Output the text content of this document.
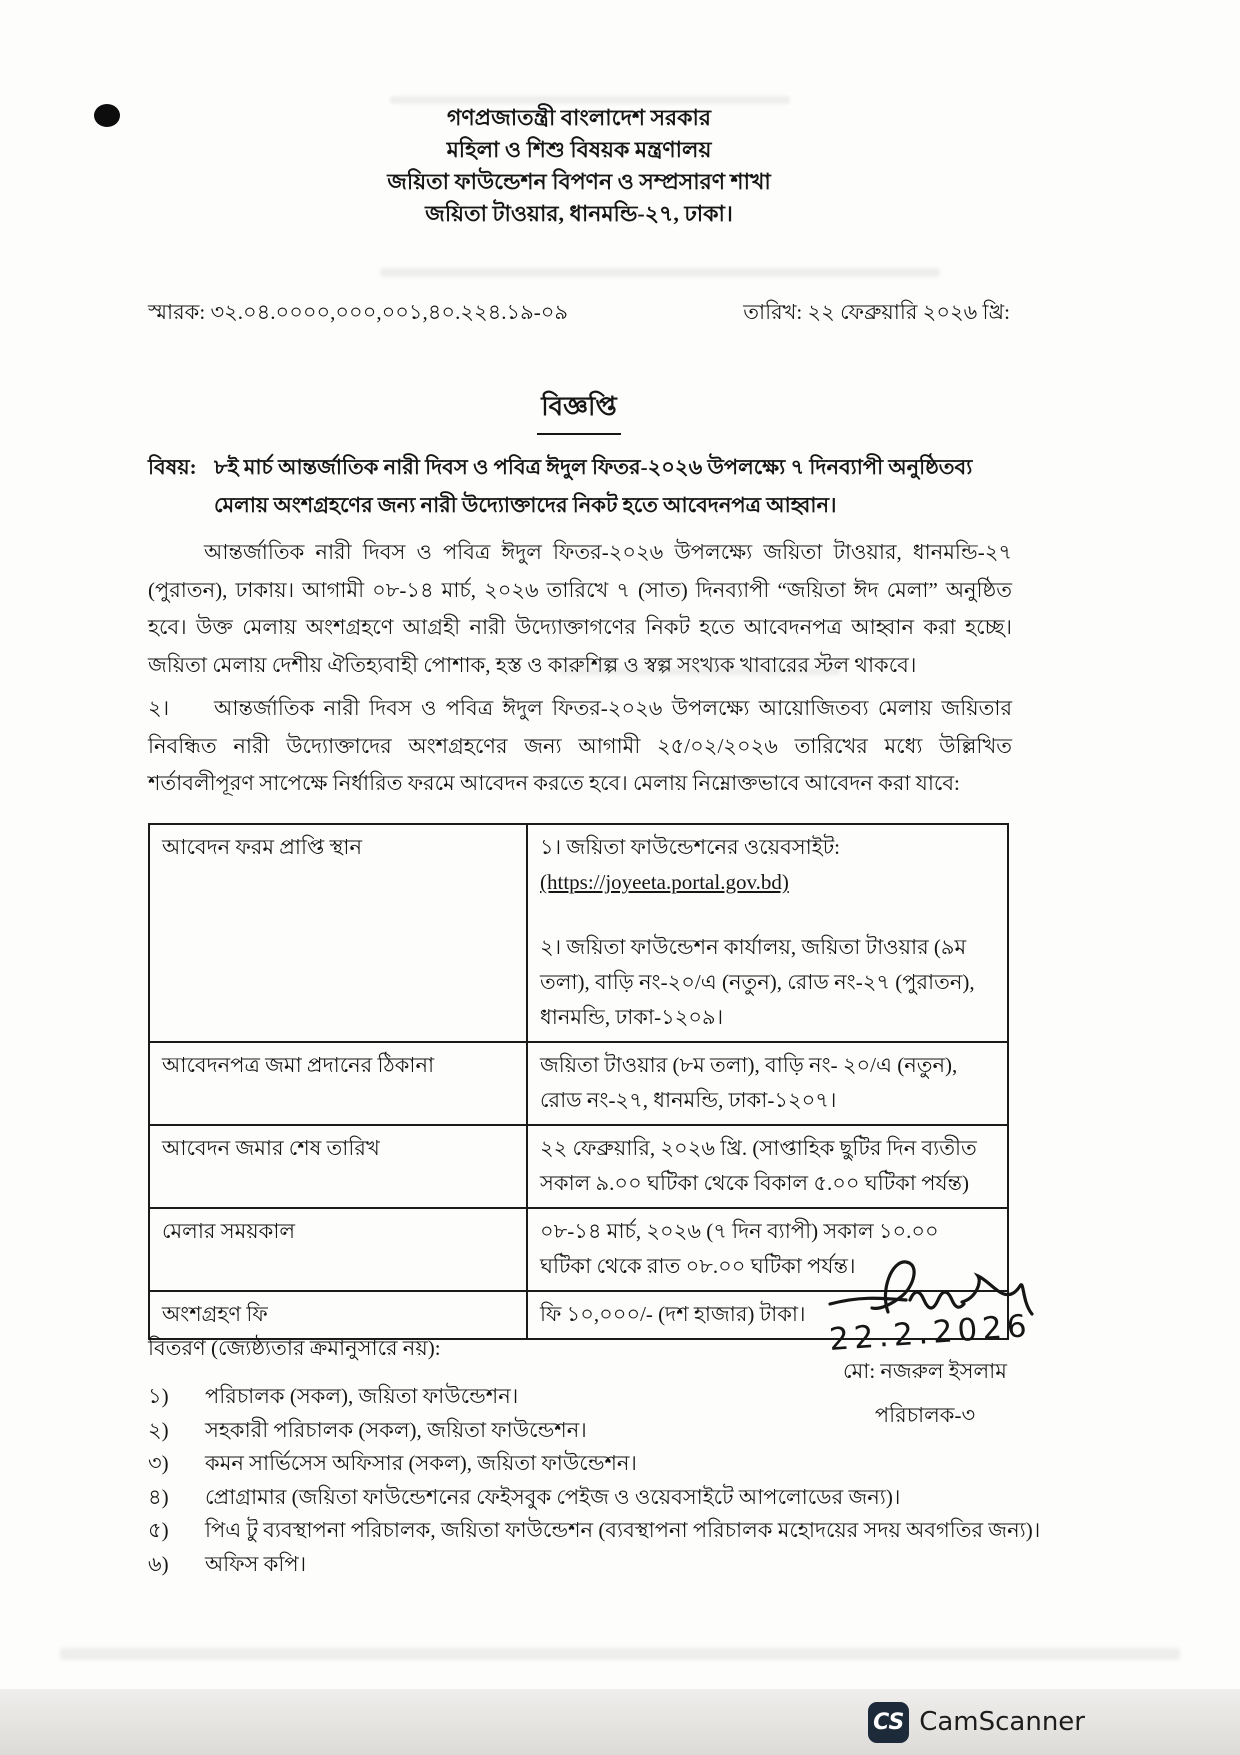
গণপ্রজাতন্ত্রী বাংলাদেশ সরকার
মহিলা ও শিশু বিষয়ক মন্ত্রণালয়
জয়িতা ফাউন্ডেশন বিপণন ও সম্প্রসারণ শাখা
জয়িতা টাওয়ার, ধানমন্ডি-২৭, ঢাকা।
স্মারক: ৩২.০৪.০০০০,০০০,০০১,৪০.২২৪.১৯-০৯	তারিখ: ২২ ফেব্রুয়ারি ২০২৬ খ্রি:
বিজ্ঞপ্তি
বিষয়: ৮ই মার্চ আন্তর্জাতিক নারী দিবস ও পবিত্র ঈদুল ফিতর-২০২৬ উপলক্ষ্যে ৭ দিনব্যাপী অনুষ্ঠিতব্য মেলায় অংশগ্রহণের জন্য নারী উদ্যোক্তাদের নিকট হতে আবেদনপত্র আহ্বান।
আন্তর্জাতিক নারী দিবস ও পবিত্র ঈদুল ফিতর-২০২৬ উপলক্ষ্যে জয়িতা টাওয়ার, ধানমন্ডি-২৭ (পুরাতন), ঢাকায়। আগামী ০৮-১৪ মার্চ, ২০২৬ তারিখে ৭ (সাত) দিনব্যাপী “জয়িতা ঈদ মেলা” অনুষ্ঠিত হবে। উক্ত মেলায় অংশগ্রহণে আগ্রহী নারী উদ্যোক্তাগণের নিকট হতে আবেদনপত্র আহ্বান করা হচ্ছে। জয়িতা মেলায় দেশীয় ঐতিহ্যবাহী পোশাক, হস্ত ও কারুশিল্প ও স্বল্প সংখ্যক খাবারের স্টল থাকবে।
২। আন্তর্জাতিক নারী দিবস ও পবিত্র ঈদুল ফিতর-২০২৬ উপলক্ষ্যে আয়োজিতব্য মেলায় জয়িতার নিবন্ধিত নারী উদ্যোক্তাদের অংশগ্রহণের জন্য আগামী ২৫/০২/২০২৬ তারিখের মধ্যে উল্লিখিত শর্তাবলীপূরণ সাপেক্ষে নির্ধারিত ফরমে আবেদন করতে হবে। মেলায় নিম্নোক্তভাবে আবেদন করা যাবে:
আবেদন ফরম প্রাপ্তি স্থান	১। জয়িতা ফাউন্ডেশনের ওয়েবসাইট:
(https://joyeeta.portal.gov.bd)
২। জয়িতা ফাউন্ডেশন কার্যালয়, জয়িতা টাওয়ার (৯ম তলা), বাড়ি নং-২০/এ (নতুন), রোড নং-২৭ (পুরাতন), ধানমন্ডি, ঢাকা-১২০৯।

আবেদনপত্র জমা প্রদানের ঠিকানা	জয়িতা টাওয়ার (৮ম তলা), বাড়ি নং- ২০/এ (নতুন), রোড নং-২৭, ধানমন্ডি, ঢাকা-১২০৭।
আবেদন জমার শেষ তারিখ	২২ ফেব্রুয়ারি, ২০২৬ খ্রি. (সাপ্তাহিক ছুটির দিন ব্যতীত সকাল ৯.০০ ঘটিকা থেকে বিকাল ৫.০০ ঘটিকা পর্যন্ত)
মেলার সময়কাল	০৮-১৪ মার্চ, ২০২৬ (৭ দিন ব্যাপী) সকাল ১০.০০ ঘটিকা থেকে রাত ০৮.০০ ঘটিকা পর্যন্ত।
অংশগ্রহণ ফি	ফি ১০,০০০/- (দশ হাজার) টাকা। 22.2.2026
মো: নজরুল ইসলাম
পরিচালক-৩
বিতরণ (জ্যেষ্ঠ্যতার ক্রমানুসারে নয়):
১)	পরিচালক (সকল), জয়িতা ফাউন্ডেশন।
২)	সহকারী পরিচালক (সকল), জয়িতা ফাউন্ডেশন।
৩)	কমন সার্ভিসেস অফিসার (সকল), জয়িতা ফাউন্ডেশন।
৪)	প্রোগ্রামার (জয়িতা ফাউন্ডেশনের ফেইসবুক পেইজ ও ওয়েবসাইটে আপলোডের জন্য)।
৫)	পিএ টু ব্যবস্থাপনা পরিচালক, জয়িতা ফাউন্ডেশন (ব্যবস্থাপনা পরিচালক মহোদয়ের সদয় অবগতির জন্য)।
৬)	অফিস কপি।
CS CamScanner
